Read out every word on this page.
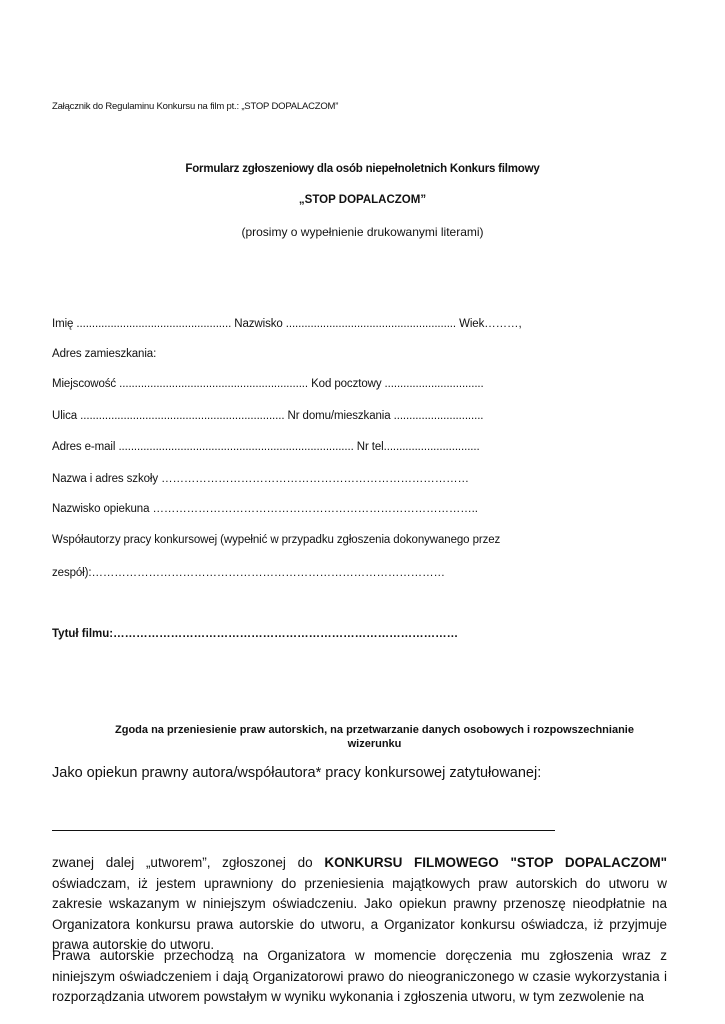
Załącznik do Regulaminu Konkursu na film pt.: „STOP DOPALACZOM”
Formularz zgłoszeniowy dla osób niepełnoletnich Konkurs filmowy
„STOP DOPALACZOM”
(prosimy o wypełnienie drukowanymi literami)
Imię .................................................. Nazwisko ....................................................... Wiek………,
Adres zamieszkania:
Miejscowość ............................................................. Kod pocztowy ................................
Ulica .................................................................. Nr domu/mieszkania .............................
Adres e-mail ............................................................................ Nr tel...............................
Nazwa i adres szkoły ………………………………………………………………………
Nazwisko opiekuna …………………………………………………………………………..
Współautorzy pracy konkursowej (wypełnić w przypadku zgłoszenia dokonywanego przez
zespół):…………………………………………………………………………………
Tytuł filmu:………………………………………………………………………………
Zgoda na przeniesienie praw autorskich, na przetwarzanie danych osobowych i rozpowszechnianie wizerunku
Jako opiekun prawny autora/współautora* pracy konkursowej zatytułowanej:
zwanej dalej „utworem”, zgłoszonej do KONKURSU FILMOWEGO "STOP DOPALACZOM" oświadczam, iż jestem uprawniony do przeniesienia majątkowych praw autorskich do utworu w zakresie wskazanym w niniejszym oświadczeniu. Jako opiekun prawny przenoszę nieodpłatnie na Organizatora konkursu prawa autorskie do utworu, a Organizator konkursu oświadcza, iż przyjmuje prawa autorskie do utworu.
Prawa autorskie przechodzą na Organizatora w momencie doręczenia mu zgłoszenia wraz z niniejszym oświadczeniem i dają Organizatorowi prawo do nieograniczonego w czasie wykorzystania i rozporządzania utworem powstałym w wyniku wykonania i zgłoszenia utworu, w tym zezwolenie na
